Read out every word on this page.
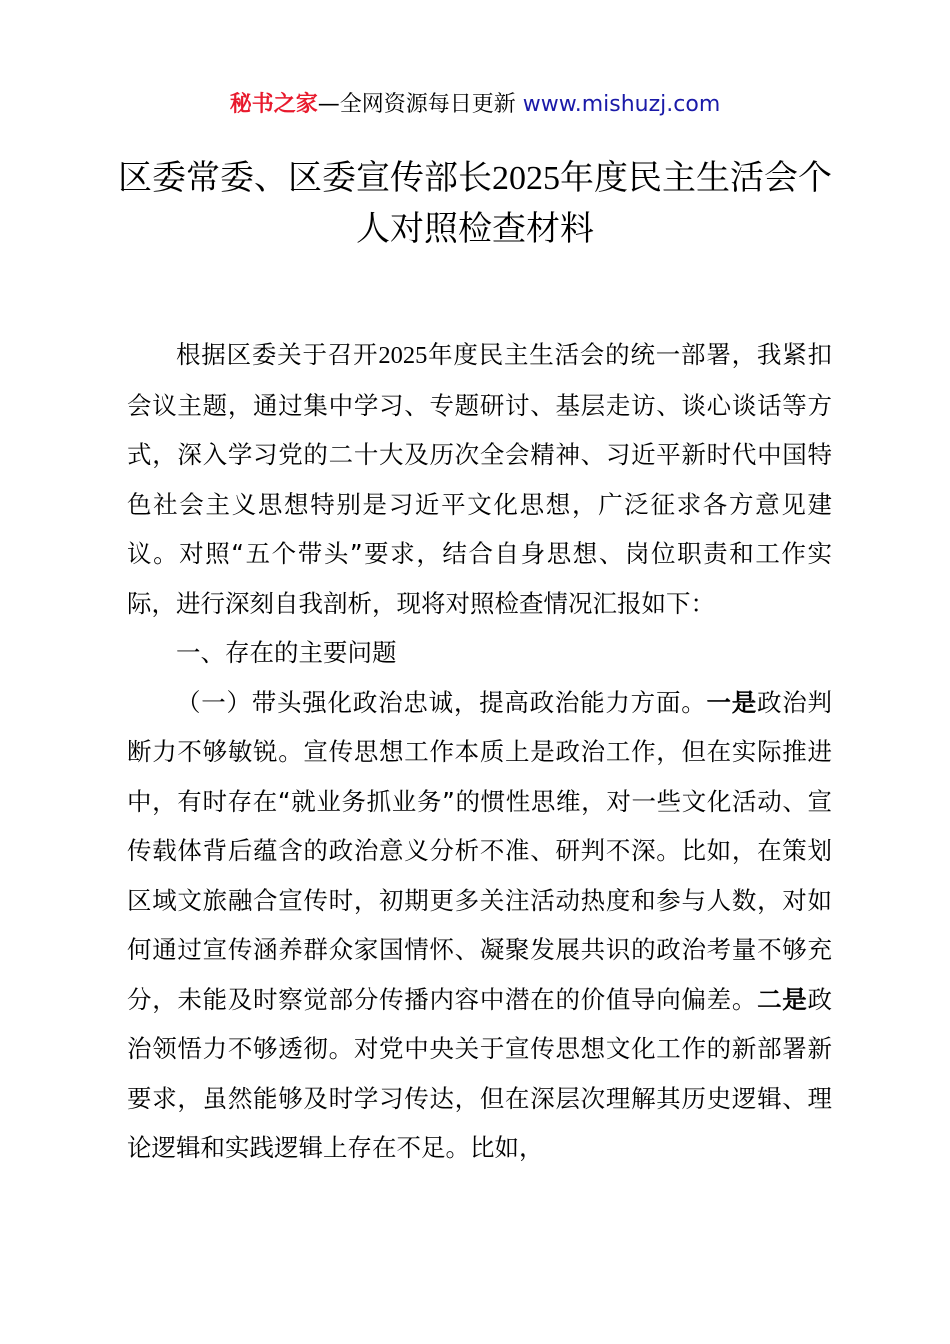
秘书之家—全网资源每日更新 www.mishuzj.com
区委常委、区委宣传部长2025年度民主生活会个人对照检查材料

根据区委关于召开2025年度民主生活会的统一部署，我紧扣会议主题，通过集中学习、专题研讨、基层走访、谈心谈话等方式，深入学习党的二十大及历次全会精神、习近平新时代中国特色社会主义思想特别是习近平文化思想，广泛征求各方意见建议。对照“五个带头”要求，结合自身思想、岗位职责和工作实际，进行深刻自我剖析，现将对照检查情况汇报如下：

一、存在的主要问题

（一）带头强化政治忠诚，提高政治能力方面。一是政治判断力不够敏锐。宣传思想工作本质上是政治工作，但在实际推进中，有时存在“就业务抓业务”的惯性思维，对一些文化活动、宣传载体背后蕴含的政治意义分析不准、研判不深。比如，在策划区域文旅融合宣传时，初期更多关注活动热度和参与人数，对如何通过宣传涵养群众家国情怀、凝聚发展共识的政治考量不够充分，未能及时察觉部分传播内容中潜在的价值导向偏差。二是政治领悟力不够透彻。对党中央关于宣传思想文化工作的新部署新要求，虽然能够及时学习传达，但在深层次理解其历史逻辑、理论逻辑和实践逻辑上存在不足。比如，
